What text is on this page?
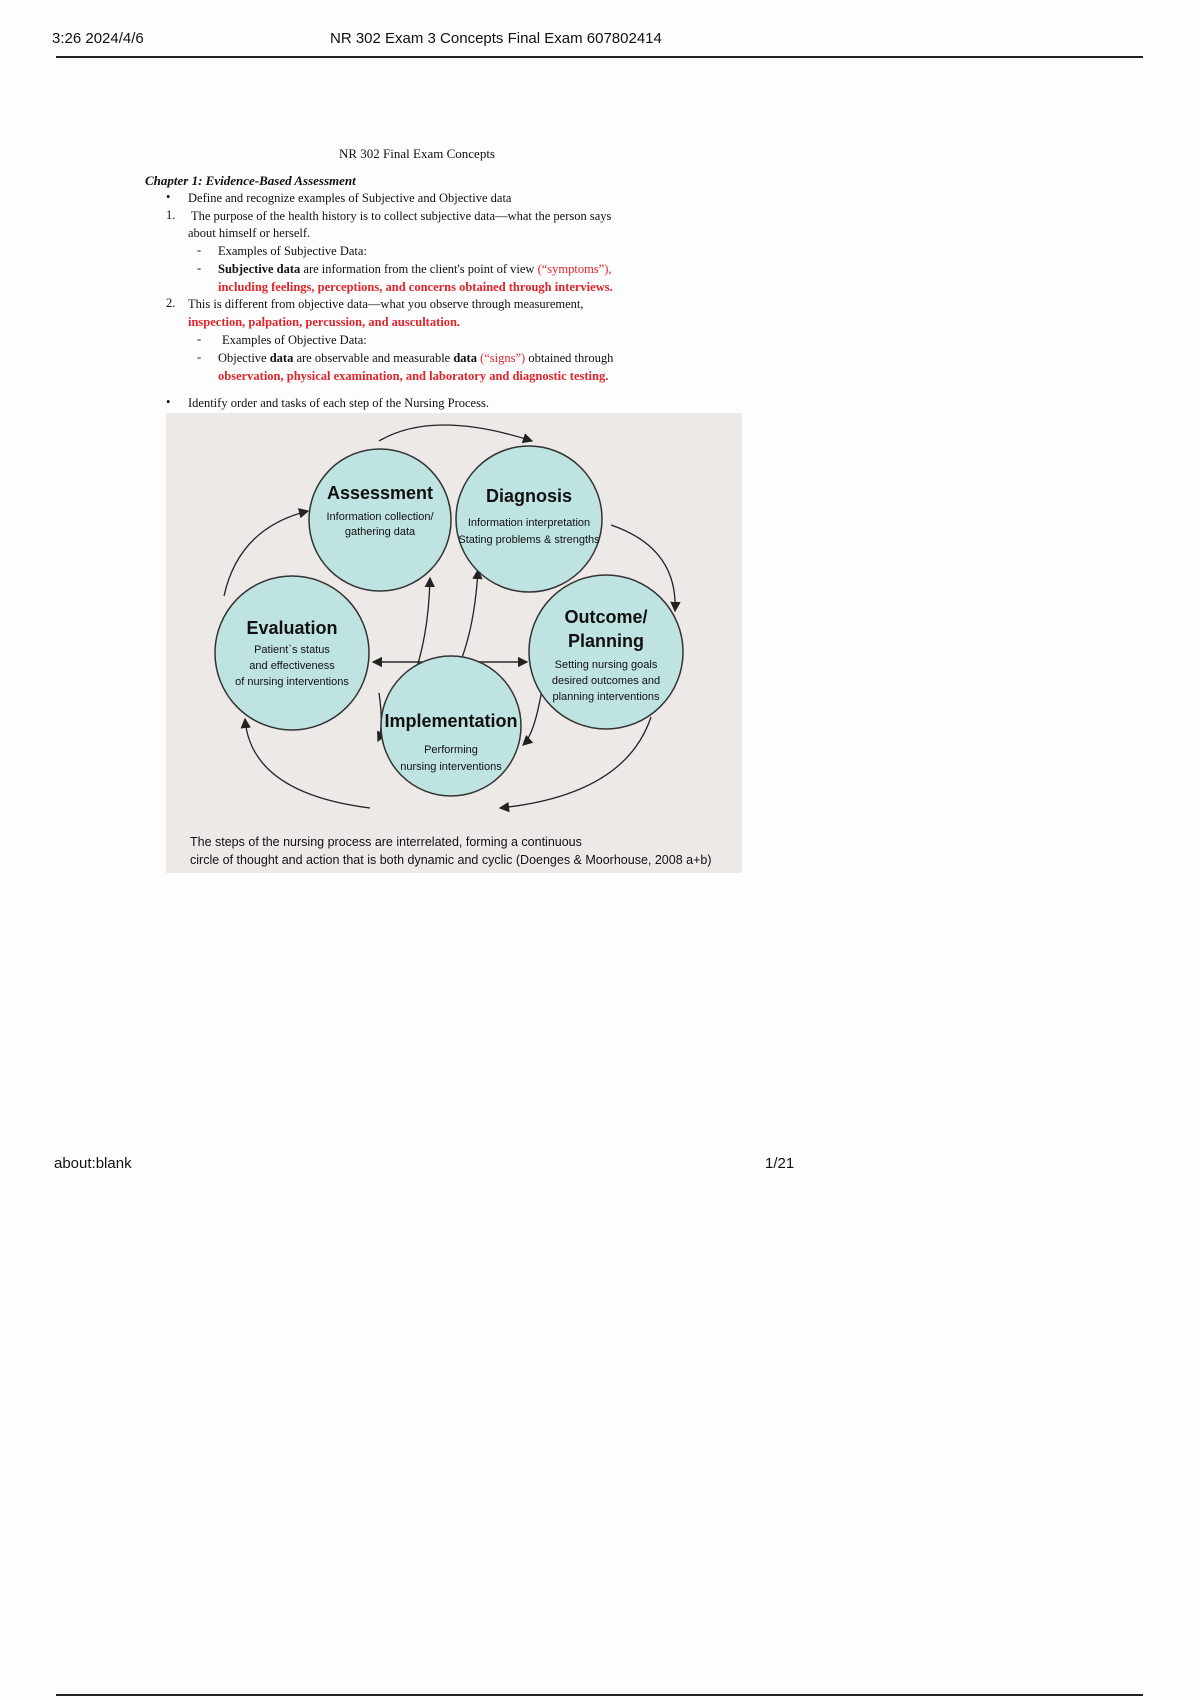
3:26 2024/4/6	NR 302 Exam 3 Concepts Final Exam 607802414
NR 302 Final Exam Concepts
Chapter 1: Evidence-Based Assessment
• Define and recognize examples of Subjective and Objective data
1. The purpose of the health history is to collect subjective data—what the person says
about himself or herself.
- Examples of Subjective Data:
- Subjective data are information from the client's point of view (“symptoms”),
including feelings, perceptions, and concerns obtained through interviews.
2. This is different from objective data—what you observe through measurement,
inspection, palpation, percussion, and auscultation.
- Examples of Objective Data:
- Objective data are observable and measurable data (“signs”) obtained through
observation, physical examination, and laboratory and diagnostic testing.
• Identify order and tasks of each step of the Nursing Process.
Assessment
Information collection/
gathering data
Diagnosis
Information interpretation
Stating problems & strengths
Outcome/
Planning
Setting nursing goals
desired outcomes and
planning interventions
Implementation
Performing
nursing interventions
Evaluation
Patient`s status
and effectiveness
of nursing interventions
The steps of the nursing process are interrelated, forming a continuous
circle of thought and action that is both dynamic and cyclic (Doenges & Moorhouse, 2008 a+b)
about:blank	1/21
